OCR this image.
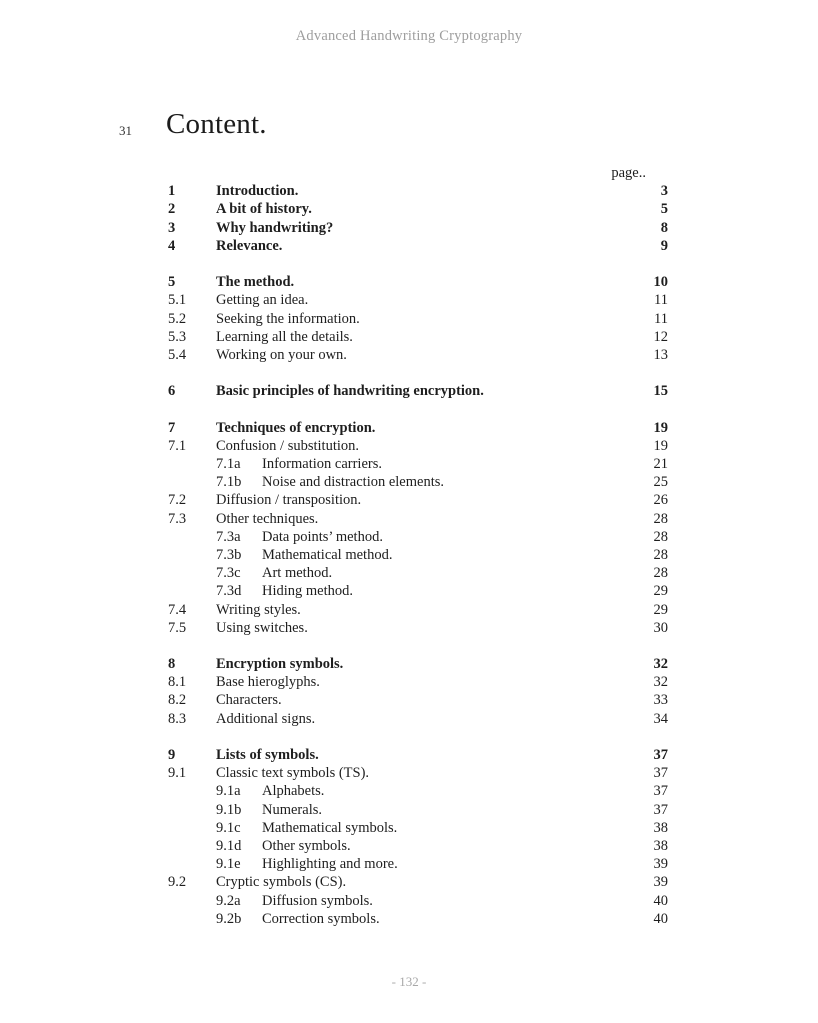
Advanced Handwriting Cryptography
31 Content.
page..
1	Introduction.	3
2	A bit of history.	5
3	Why handwriting?	8
4	Relevance.	9
5	The method.	10
5.1	Getting an idea.	11
5.2	Seeking the information.	11
5.3	Learning all the details.	12
5.4	Working on your own.	13
6	Basic principles of handwriting encryption.	15
7	Techniques of encryption.	19
7.1	Confusion / substitution.	19
7.1a	Information carriers.	21
7.1b	Noise and distraction elements.	25
7.2	Diffusion / transposition.	26
7.3	Other techniques.	28
7.3a	Data points’ method.	28
7.3b	Mathematical method.	28
7.3c	Art method.	28
7.3d	Hiding method.	29
7.4	Writing styles.	29
7.5	Using switches.	30
8	Encryption symbols.	32
8.1	Base hieroglyphs.	32
8.2	Characters.	33
8.3	Additional signs.	34
9	Lists of symbols.	37
9.1	Classic text symbols (TS).	37
9.1a	Alphabets.	37
9.1b	Numerals.	37
9.1c	Mathematical symbols.	38
9.1d	Other symbols.	38
9.1e	Highlighting and more.	39
9.2	Cryptic symbols (CS).	39
9.2a	Diffusion symbols.	40
9.2b	Correction symbols.	40
- 132 -
